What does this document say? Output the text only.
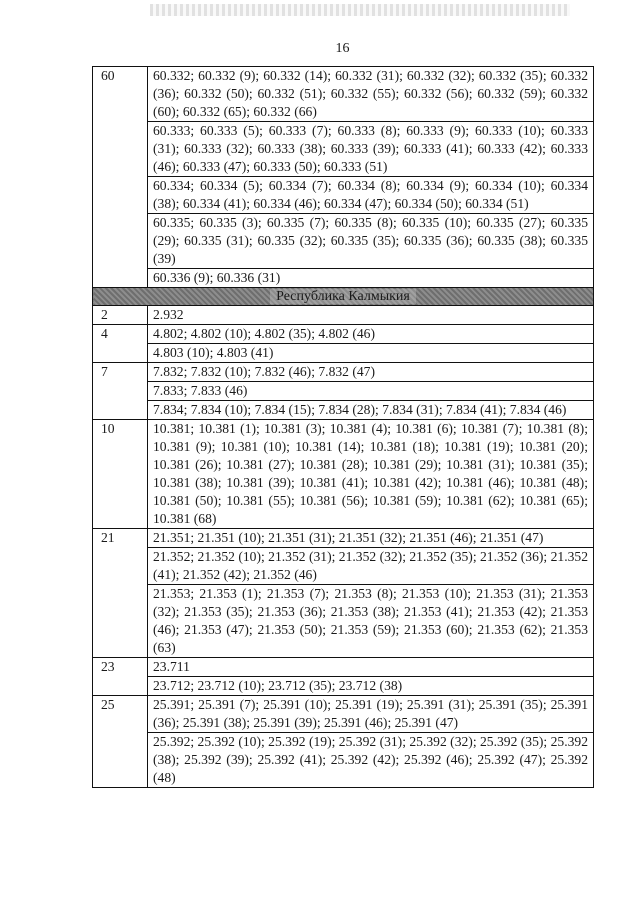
16
60	60.332; 60.332 (9); 60.332 (14); 60.332 (31); 60.332 (32); 60.332 (35); 60.332 (36); 60.332 (50); 60.332 (51); 60.332 (55); 60.332 (56); 60.332 (59); 60.332 (60); 60.332 (65); 60.332 (66)
	60.333; 60.333 (5); 60.333 (7); 60.333 (8); 60.333 (9); 60.333 (10); 60.333 (31); 60.333 (32); 60.333 (38); 60.333 (39); 60.333 (41); 60.333 (42); 60.333 (46); 60.333 (47); 60.333 (50); 60.333 (51)
	60.334; 60.334 (5); 60.334 (7); 60.334 (8); 60.334 (9); 60.334 (10); 60.334 (38); 60.334 (41); 60.334 (46); 60.334 (47); 60.334 (50); 60.334 (51)
	60.335; 60.335 (3); 60.335 (7); 60.335 (8); 60.335 (10); 60.335 (27); 60.335 (29); 60.335 (31); 60.335 (32); 60.335 (35); 60.335 (36); 60.335 (38); 60.335 (39)
	60.336 (9); 60.336 (31)
Республика Калмыкия	
2	2.932
4	4.802; 4.802 (10); 4.802 (35); 4.802 (46)
	4.803 (10); 4.803 (41)
7	7.832; 7.832 (10); 7.832 (46); 7.832 (47)
	7.833; 7.833 (46)
	7.834; 7.834 (10); 7.834 (15); 7.834 (28); 7.834 (31); 7.834 (41); 7.834 (46)
10	10.381; 10.381 (1); 10.381 (3); 10.381 (4); 10.381 (6); 10.381 (7); 10.381 (8); 10.381 (9); 10.381 (10); 10.381 (14); 10.381 (18); 10.381 (19); 10.381 (20); 10.381 (26); 10.381 (27); 10.381 (28); 10.381 (29); 10.381 (31); 10.381 (35); 10.381 (38); 10.381 (39); 10.381 (41); 10.381 (42); 10.381 (46); 10.381 (48); 10.381 (50); 10.381 (55); 10.381 (56); 10.381 (59); 10.381 (62); 10.381 (65); 10.381 (68)
21	21.351; 21.351 (10); 21.351 (31); 21.351 (32); 21.351 (46); 21.351 (47)
	21.352; 21.352 (10); 21.352 (31); 21.352 (32); 21.352 (35); 21.352 (36); 21.352 (41); 21.352 (42); 21.352 (46)
	21.353; 21.353 (1); 21.353 (7); 21.353 (8); 21.353 (10); 21.353 (31); 21.353 (32); 21.353 (35); 21.353 (36); 21.353 (38); 21.353 (41); 21.353 (42); 21.353 (46); 21.353 (47); 21.353 (50); 21.353 (59); 21.353 (60); 21.353 (62); 21.353 (63)
23	23.711
	23.712; 23.712 (10); 23.712 (35); 23.712 (38)
25	25.391; 25.391 (7); 25.391 (10); 25.391 (19); 25.391 (31); 25.391 (35); 25.391 (36); 25.391 (38); 25.391 (39); 25.391 (46); 25.391 (47)
	25.392; 25.392 (10); 25.392 (19); 25.392 (31); 25.392 (32); 25.392 (35); 25.392 (38); 25.392 (39); 25.392 (41); 25.392 (42); 25.392 (46); 25.392 (47); 25.392 (48)
